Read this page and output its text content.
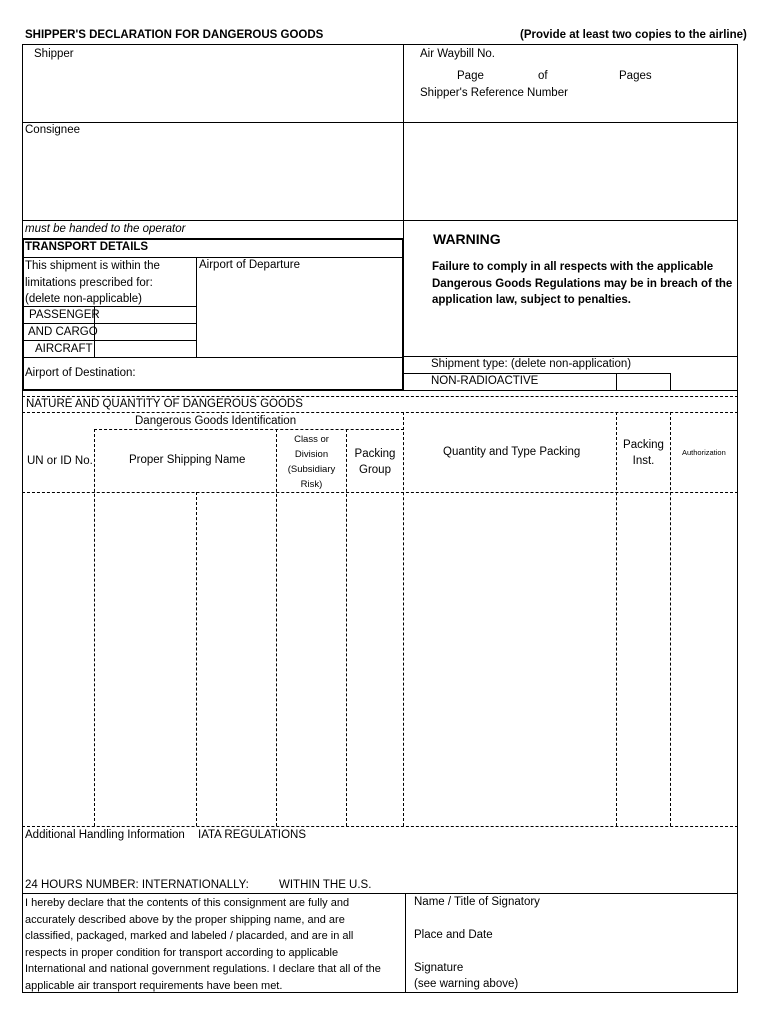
SHIPPER'S DECLARATION FOR DANGEROUS GOODS	(Provide at least two copies to the airline)
Shipper	Air Waybill No.
Page	of	Pages
Shipper's Reference Number
Consignee
must be handed to the operator
TRANSPORT DETAILS
This shipment is within the
limitations prescribed for:
(delete non-applicable)
Airport of Departure
PASSENGER
AND CARGO
AIRCRAFT
Airport of Destination:
WARNING
Failure to comply in all respects with the applicable
Dangerous Goods Regulations may be in breach of the
application law, subject to penalties.
Shipment type: (delete non-application)
NON-RADIOACTIVE
NATURE AND QUANTITY OF DANGEROUS GOODS
Dangerous Goods Identification
UN or ID No.	Proper Shipping Name
Class or
Division
(Subsidiary
Risk)
Packing
Group
Quantity and Type Packing
Packing
Inst.
Authorization
Additional Handling Information IATA REGULATIONS
24 HOURS NUMBER: INTERNATIONALLY:	WITHIN THE U.S.
I hereby declare that the contents of this consignment are fully and
accurately described above by the proper shipping name, and are
classified, packaged, marked and labeled / placarded, and are in all
respects in proper condition for transport according to applicable
International and national government regulations. I declare that all of the
applicable air transport requirements have been met.
Name / Title of Signatory
Place and Date
Signature
(see warning above)
